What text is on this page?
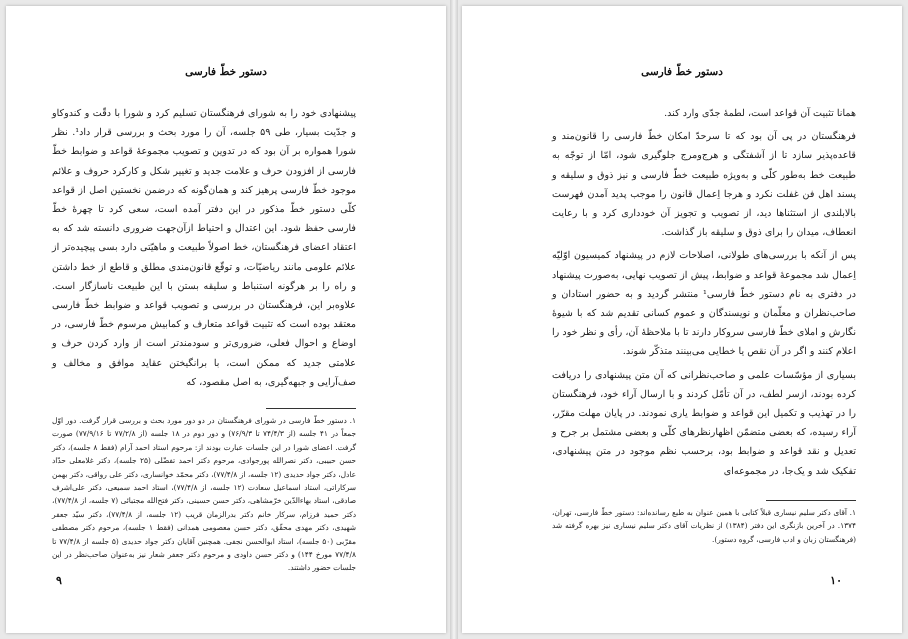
دستور خطّ فارسی

پیشنهادی خود را به شورای فرهنگستان تسلیم کرد و شورا با دقّت و کندوکاو و جدّیت بسیار، طی ۵۹ جلسه، آن را مورد بحث و بررسی قرار داد¹. نظر شورا همواره بر آن بود که در تدوین و تصویب مجموعهٔ قواعد و ضوابط خطّ فارسی از افزودن حرف و علامت جدید و تغییر شکل و کارکرد حروف و علائم موجود خطّ فارسی پرهیز کند و همان‌گونه که درضمن نخستین اصل از قواعد کلّی دستور خطّ مذکور در این دفتر آمده است، سعی کرد تا چهرهٔ خطّ فارسی حفظ شود. این اعتدال و احتیاط ازآن‌جهت ضروری دانسته شد که به اعتقاد اعضای فرهنگستان، خط اصولاً طبیعت و ماهیّتی دارد بسی پیچیده‌تر از علائم علومی مانند ریاضیّات، و توقّع قانون‌مندی مطلق و قاطع از خط داشتن و راه را بر هرگونه استنباط و سلیقه بستن با این طبیعت ناسازگار است. علاوه‌بر این، فرهنگستان در بررسی و تصویب قواعد و ضوابط خطّ فارسی معتقد بوده است که تثبیت قواعد متعارف و کمابیش مرسوم خطّ فارسی، در اوضاع و احوال فعلی، ضروری‌تر و سودمندتر است از وارد کردن حرف و علامتی جدید که ممکن است، با برانگیختن عقاید موافق و مخالف و صف‌آرایی و جبهه‌گیری، به اصل مقصود، که

۱. دستور خطّ فارسی در شورای فرهنگستان در دو دور مورد بحث و بررسی قرار گرفت. دور اوّل جمعاً در ۴۱ جلسه (از ۷۴/۴/۳ تا ۷۶/۹/۳) و دور دوم در ۱۸ جلسه (از ۷۷/۲/۸ تا ۷۷/۹/۱۶) صورت گرفت. اعضای شورا در این جلسات عبارت بودند از: مرحوم استاد احمد آرام (فقط ۸ جلسه)، دکتر حسن حبیبی، دکتر نصرالله پورجوادی، مرحوم دکتر احمد تفضّلی (۲۵ جلسه)، دکتر غلامعلی حدّاد عادل، دکتر جواد حدیدی (۱۲ جلسه، از ۷۷/۴/۸)، دکتر محمّد خوانساری، دکتر علی رواقی، دکتر بهمن سرکاراتی، استاد اسماعیل سعادت (۱۲ جلسه، از ۷۷/۴/۸)، استاد احمد سمیعی، دکتر علی‌اشرف صادقی، استاد بهاءالدّین خرّمشاهی، دکتر حسن حسینی، دکتر فتح‌الله مجتبائی (۷ جلسه، از ۷۷/۴/۸)، دکتر حمید فرزام، سرکار خانم دکتر بدرالزمان قریب (۱۲ جلسه، از ۷۷/۴/۸)، دکتر سیّد جعفر شهیدی، دکتر مهدی محقّق، دکتر حسن معصومی همدانی (فقط ۱ جلسه)، مرحوم دکتر مصطفی مقرّبی (۵۰ جلسه)، استاد ابوالحسن نجفی. همچنین آقایان دکتر جواد حدیدی (۵ جلسه از ۷۷/۴/۸ تا ۷۷/۴/۸ مورخ ۱۴۴) و دکتر حسن داودی و مرحوم دکتر جعفر شعار نیز به‌عنوان صاحب‌نظر در این جلسات حضور داشتند.

۹
دستور خطّ فارسی

همانا تثبیت آن قواعد است، لطمهٔ جدّی وارد کند.

فرهنگستان در پی آن بود که تا سرحدّ امکان خطّ فارسی را قانون‌مند و قاعده‌پذیر سازد تا از آشفتگی و هرج‌ومرج جلوگیری شود، امّا از توجّه به طبیعت خط به‌طور کلّی و به‌ویژه طبیعت خطّ فارسی و نیز ذوق و سلیقه و پسند اهل فن غفلت نکرد و هرجا اِعمال قانون را موجب پدید آمدن فهرست بالابلندی از استثناها دید، از تصویب و تجویز آن خودداری کرد و با رعایت انعطاف، میدان را برای ذوق و سلیقه باز گذاشت.

پس از آنکه با بررسی‌های طولانی، اصلاحات لازم در پیشنهاد کمیسیون اوّلیّه اِعمال شد مجموعهٔ قواعد و ضوابط، پیش از تصویب نهایی، به‌صورت پیشنهاد در دفتری به نام دستور خطّ فارسی¹ منتشر گردید و به حضور استادان و صاحب‌نظران و معلّمان و نویسندگان و عموم کسانی تقدیم شد که با شیوهٔ نگارش و املای خطّ فارسی سروکار دارند تا با ملاحظهٔ آن، رأی و نظر خود را اعلام کنند و اگر در آن نقص یا خطایی می‌بینند متذکّر شوند.

بسیاری از مؤسّسات علمی و صاحب‌نظرانی که آن متن پیشنهادی را دریافت کرده بودند، ازسر لطف، در آن تأمّل کردند و با ارسال آراء خود، فرهنگستان را در تهذیب و تکمیل این قواعد و ضوابط یاری نمودند. در پایان مهلت مقرّر، آراء رسیده، که بعضی متضمّن اظهارنظرهای کلّی و بعضی مشتمل بر جرح و تعدیل و نقد قواعد و ضوابط بود، برحسب نظم موجود در متن پیشنهادی، تفکیک شد و یک‌جا، در مجموعه‌ای

۱. آقای دکتر سلیم نیساری قبلاً کتابی با همین عنوان به طبع رسانده‌اند: دستور خطّ فارسی، تهران، ۱۳۷۴. در آخرین بازنگری این دفتر (۱۳۸۴) از نظریات آقای دکتر سلیم نیساری نیز بهره گرفته شد (فرهنگستان زبان و ادب فارسی، گروه دستور).

۱۰
